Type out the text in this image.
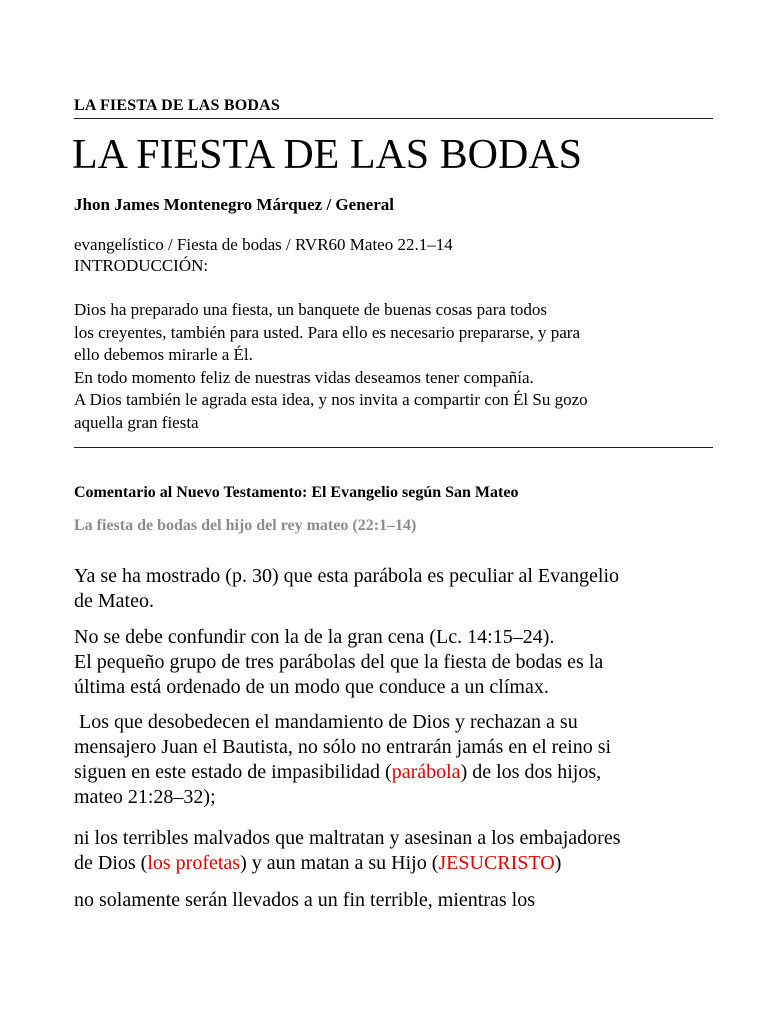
LA FIESTA DE LAS BODAS
LA FIESTA DE LAS BODAS
Jhon James Montenegro Márquez / General
evangelístico / Fiesta de bodas / RVR60 Mateo 22.1–14
INTRODUCCIÓN:
Dios ha preparado una fiesta, un banquete de buenas cosas para todos
los creyentes, también para usted. Para ello es necesario prepararse, y para
ello debemos mirarle a Él.
En todo momento feliz de nuestras vidas deseamos tener compañía.
A Dios también le agrada esta idea, y nos invita a compartir con Él Su gozo
aquella gran fiesta
Comentario al Nuevo Testamento: El Evangelio según San Mateo
La fiesta de bodas del hijo del rey mateo (22:1–14)
Ya se ha mostrado (p. 30) que esta parábola es peculiar al Evangelio
de Mateo.
No se debe confundir con la de la gran cena (Lc. 14:15–24).
El pequeño grupo de tres parábolas del que la fiesta de bodas es la
última está ordenado de un modo que conduce a un clímax.
Los que desobedecen el mandamiento de Dios y rechazan a su
mensajero Juan el Bautista, no sólo no entrarán jamás en el reino si
siguen en este estado de impasibilidad (parábola) de los dos hijos,
mateo 21:28–32);
ni los terribles malvados que maltratan y asesinan a los embajadores
de Dios (los profetas) y aun matan a su Hijo (JESUCRISTO)
no solamente serán llevados a un fin terrible, mientras los
